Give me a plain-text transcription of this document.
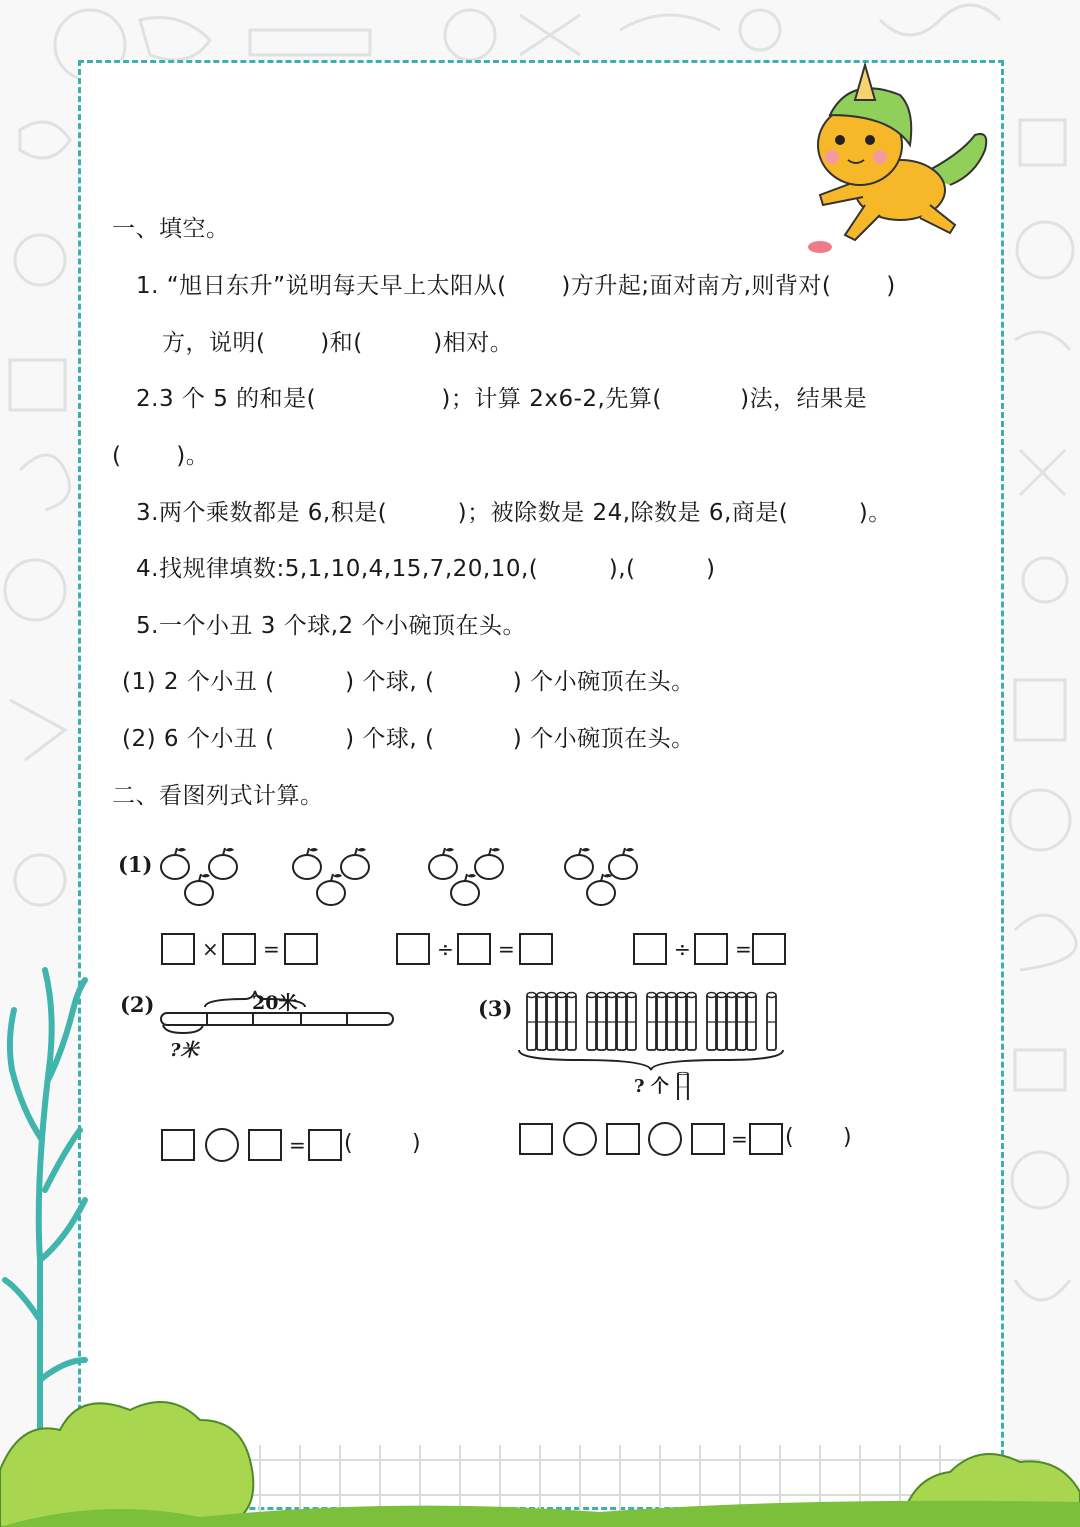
一、填空。
1. “旭日东升”说明每天早上太阳从(　　 )方升起;面对南方,则背对(　　 )
方，说明(　　 )和(　　　)相对。
2.3 个 5 的和是(　　　　　 )；计算 2x6-2,先算(　　　 )法，结果是
(　　 )。
3.两个乘数都是 6,积是(　　　)；被除数是 24,除数是 6,商是(　　　)。
4.找规律填数:5,1,10,4,15,7,20,10,(　　　),(　　　)
5.一个小丑 3 个球,2 个小碗顶在头。
(1) 2 个小丑 (　　　) 个球, (　　　 ) 个小碗顶在头。
(2) 6 个小丑 (　　　) 个球, (　　　 ) 个小碗顶在头。
二、看图列式计算。
(1)
× =	÷ =	÷ =
(2)	20米
?米
(3)
? 个
= (	)	= ( )
